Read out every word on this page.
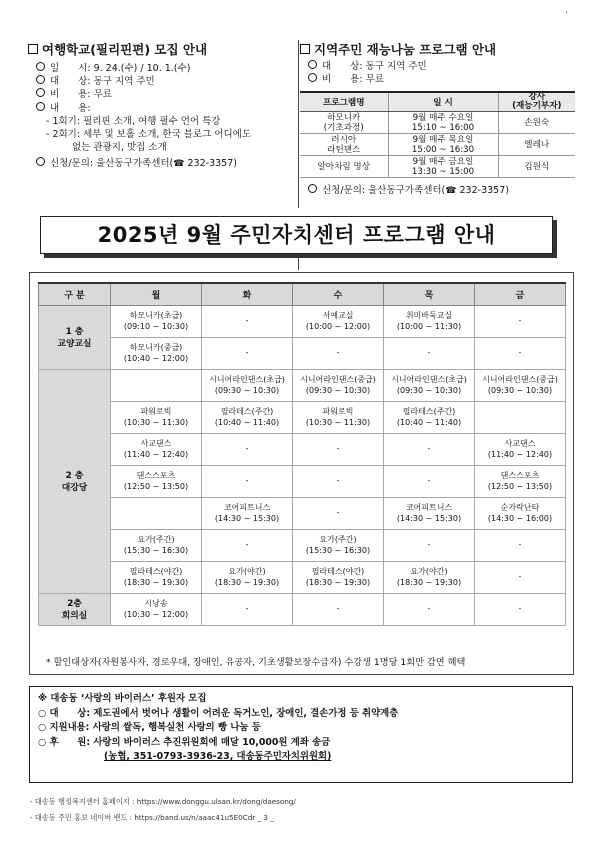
.
여행학교(필리핀편) 모집 안내
일　　시: 9. 24.(수) / 10. 1.(수)
대　　상: 동구 지역 주민
비　　용: 무료
내　　용:
- 1회기: 필리핀 소개, 여행 필수 언어 특강
- 2회기: 세부 및 보홀 소개, 한국 블로그 어디에도
없는 관광지, 맛집 소개
신청/문의: 울산동구가족센터(☎ 232-3357)
지역주민 재능나눔 프로그램 안내
대　　상: 동구 지역 주민
비　　용: 무료
프로그램명	일 시	강사
(재능기부자)

하모니카
(기초과정)	9월 매주 수요일
15:10 ~ 16:00	손원숙

러시아
라틴댄스	9월 매주 목요일
15:00 ~ 16:30	엘레나

알아차림 명상	9월 매주 금요일
13:30 ~ 15:00	김원식
신청/문의: 울산동구가족센터(☎ 232-3357)
2025년 9월 주민자치센터 프로그램 안내
구 분	월	화	수	목	금

1 층
교양교실	하모니카(초급)
(09:10 ~ 10:30)	-	서예교실
(10:00 ~ 12:00)	취미바둑교실
(10:00 ~ 11:30)	-

	하모니카(중급)
(10:40 ~ 12:00)	-	-	-	-

2 층
대강당		시니어라인댄스(초급)
(09:30 ~ 10:30)	시니어라인댄스(중급)
(09:30 ~ 10:30)	시니어라인댄스(초급)
(09:30 ~ 10:30)	시니어라인댄스(중급)
(09:30 ~ 10:30)

	파워로빅
(10:30 ~ 11:30)	필라테스(주간)
(10:40 ~ 11:40)	파워로빅
(10:30 ~ 11:30)	필라테스(주간)
(10:40 ~ 11:40)	

	사교댄스
(11:40 ~ 12:40)	-	-	-	사교댄스
(11:40 ~ 12:40)

	댄스스포츠
(12:50 ~ 13:50)	-	-	-	댄스스포츠
(12:50 ~ 13:50)

		코어피트니스
(14:30 ~ 15:30)	-	코어피트니스
(14:30 ~ 15:30)	순가락난타
(14:30 ~ 16:00)

	요가(주간)
(15:30 ~ 16:30)	-	요가(주간)
(15:30 ~ 16:30)	-	-

	필라테스(야간)
(18:30 ~ 19:30)	요가(야간)
(18:30 ~ 19:30)	필라테스(야간)
(18:30 ~ 19:30)	요가(야간)
(18:30 ~ 19:30)	-

2층
회의실	시낭송
(10:30 ~ 12:00)	-	-	-	-
* 할인대상자(자원봉사자, 경로우대, 장애인, 유공자, 기초생활보장수급자) 수강생 1명당 1회만 감면 혜택
※ 대송동 ‘사랑의 바이러스’ 후원자 모집
○ 대　　상: 제도권에서 벗어나 생활이 어려운 독거노인, 장애인, 결손가정 등 취약계층
○ 지원내용: 사랑의 쌀독, 행복실천 사랑의 빵 나눔 등
○ 후　　원: 사랑의 바이러스 추진위원회에 매달 10,000원 계좌 송금
(농협, 351-0793-3936-23, 대송동주민자치위원회)
- 대송동 행정복지센터 홈페이지 : https://www.donggu.ulsan.kr/dong/daesong/
- 대송동 주민 홍보 네이버 밴드 : https://band.us/n/aaac41u5E0Cdr _ 3 _
